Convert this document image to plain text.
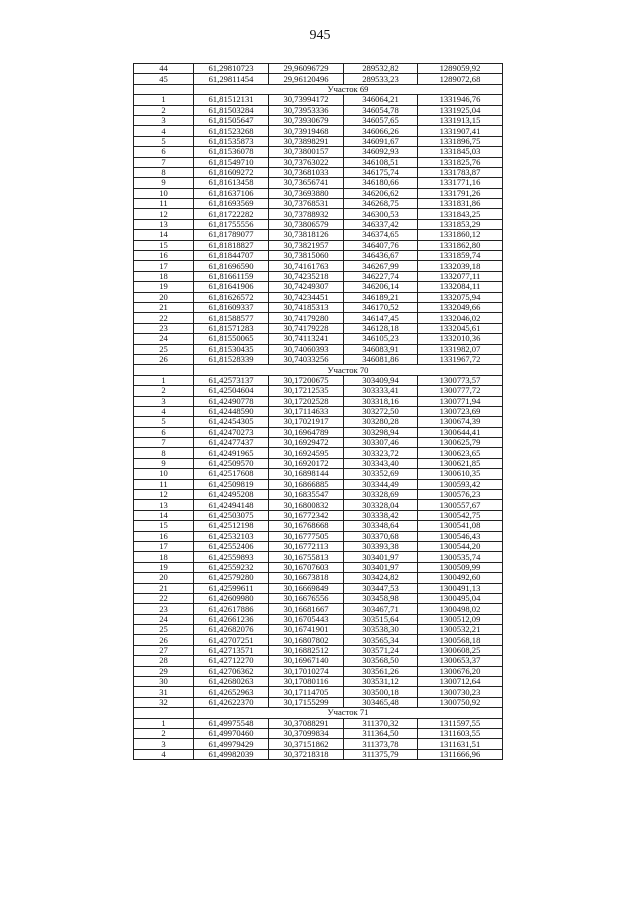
945
44	61,29810723	29,96096729	289532,82	1289059,92
45	61,29811454	29,96120496	289533,23	1289072,68
	Участок 69			
1	61,81512131	30,73994172	346064,21	1331946,76
2	61,81503284	30,73953336	346054,78	1331925,04
3	61,81505647	30,73930679	346057,65	1331913,15
4	61,81523268	30,73919468	346066,26	1331907,41
5	61,81535873	30,73898291	346091,67	1331896,75
6	61,81536078	30,73800157	346092,93	1331845,03
7	61,81549710	30,73763022	346108,51	1331825,76
8	61,81609272	30,73681033	346175,74	1331783,87
9	61,81613458	30,73656741	346180,66	1331771,16
10	61,81637106	30,73693880	346206,62	1331791,26
11	61,81693569	30,73768531	346268,75	1331831,86
12	61,81722282	30,73788932	346300,53	1331843,25
13	61,81755556	30,73806579	346337,42	1331853,29
14	61,81789077	30,73818126	346374,65	1331860,12
15	61,81818827	30,73821957	346407,76	1331862,80
16	61,81844707	30,73815060	346436,67	1331859,74
17	61,81696590	30,74161763	346267,99	1332039,18
18	61,81661159	30,74235218	346227,74	1332077,11
19	61,81641906	30,74249307	346206,14	1332084,11
20	61,81626572	30,74234451	346189,21	1332075,94
21	61,81609337	30,74185313	346170,52	1332049,66
22	61,81588577	30,74179280	346147,45	1332046,02
23	61,81571283	30,74179228	346128,18	1332045,61
24	61,81550065	30,74113241	346105,23	1332010,36
25	61,81530435	30,74060393	346083,91	1331982,07
26	61,81528339	30,74033256	346081,86	1331967,72
	Участок 70			
1	61,42573137	30,17200675	303409,94	1300773,57
2	61,42504604	30,17212535	303333,41	1300777,72
3	61,42490778	30,17202528	303318,16	1300771,94
4	61,42448590	30,17114633	303272,50	1300723,69
5	61,42454305	30,17021917	303280,28	1300674,39
6	61,42470273	30,16964789	303298,94	1300644,41
7	61,42477437	30,16929472	303307,46	1300625,79
8	61,42491965	30,16924595	303323,72	1300623,65
9	61,42509570	30,16920172	303343,40	1300621,85
10	61,42517608	30,16898144	303352,69	1300610,35
11	61,42509819	30,16866885	303344,49	1300593,42
12	61,42495208	30,16835547	303328,69	1300576,23
13	61,42494148	30,16800832	303328,04	1300557,67
14	61,42503075	30,16772342	303338,42	1300542,75
15	61,42512198	30,16768668	303348,64	1300541,08
16	61,42532103	30,16777505	303370,68	1300546,43
17	61,42552406	30,16772113	303393,38	1300544,20
18	61,42559893	30,16755813	303401,97	1300535,74
19	61,42559232	30,16707603	303401,97	1300509,99
20	61,42579280	30,16673818	303424,82	1300492,60
21	61,42599611	30,16669849	303447,53	1300491,13
22	61,42609980	30,16676556	303458,98	1300495,04
23	61,42617886	30,16681667	303467,71	1300498,02
24	61,42661236	30,16705443	303515,64	1300512,09
25	61,42682076	30,16741901	303538,30	1300532,21
26	61,42707251	30,16807802	303565,34	1300568,18
27	61,42713571	30,16882512	303571,24	1300608,25
28	61,42712270	30,16967140	303568,50	1300653,37
29	61,42706362	30,17010274	303561,26	1300676,20
30	61,42680263	30,17080116	303531,12	1300712,64
31	61,42652963	30,17114705	303500,18	1300730,23
32	61,42622370	30,17155299	303465,48	1300750,92
	Участок 71			
1	61,49975548	30,37088291	311370,32	1311597,55
2	61,49970460	30,37099834	311364,50	1311603,55
3	61,49979429	30,37151862	311373,78	1311631,51
4	61,49982039	30,37218318	311375,79	1311666,96
